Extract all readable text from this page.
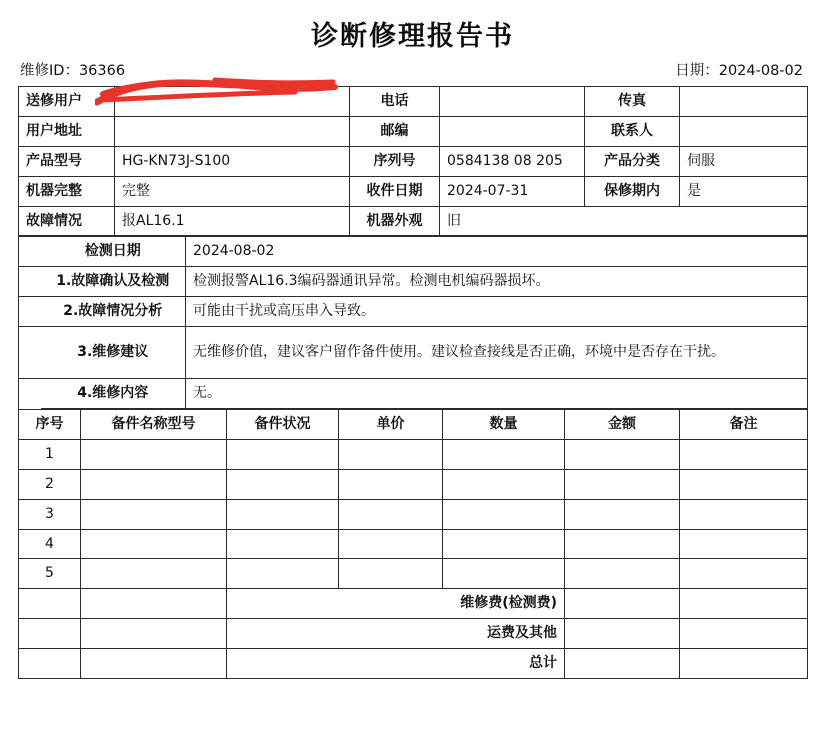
诊断修理报告书
维修ID：36366	日期：2024-08-02
送修用户		电话		传真	
用户地址		邮编		联系人	
产品型号	HG-KN73J-S100	序列号	0584138 08 205	产品分类	伺服
机器完整	完整	收件日期	2024-07-31	保修期内	是
故障情况	报AL16.1	机器外观	旧		
	检测日期	2024-08-02
	1.故障确认及检测	检测报警AL16.3编码器通讯异常。检测电机编码器损坏。
	2.故障情况分析	可能由干扰或高压串入导致。
	3.维修建议	无维修价值，建议客户留作备件使用。建议检查接线是否正确，环境中是否存在干扰。
	4.维修内容	无。
序号	备件名称型号	备件状况	单价	数量	金额	备注
1						
2						
3						
4						
5						
		维修费(检测费)				
		运费及其他				
		总计				
